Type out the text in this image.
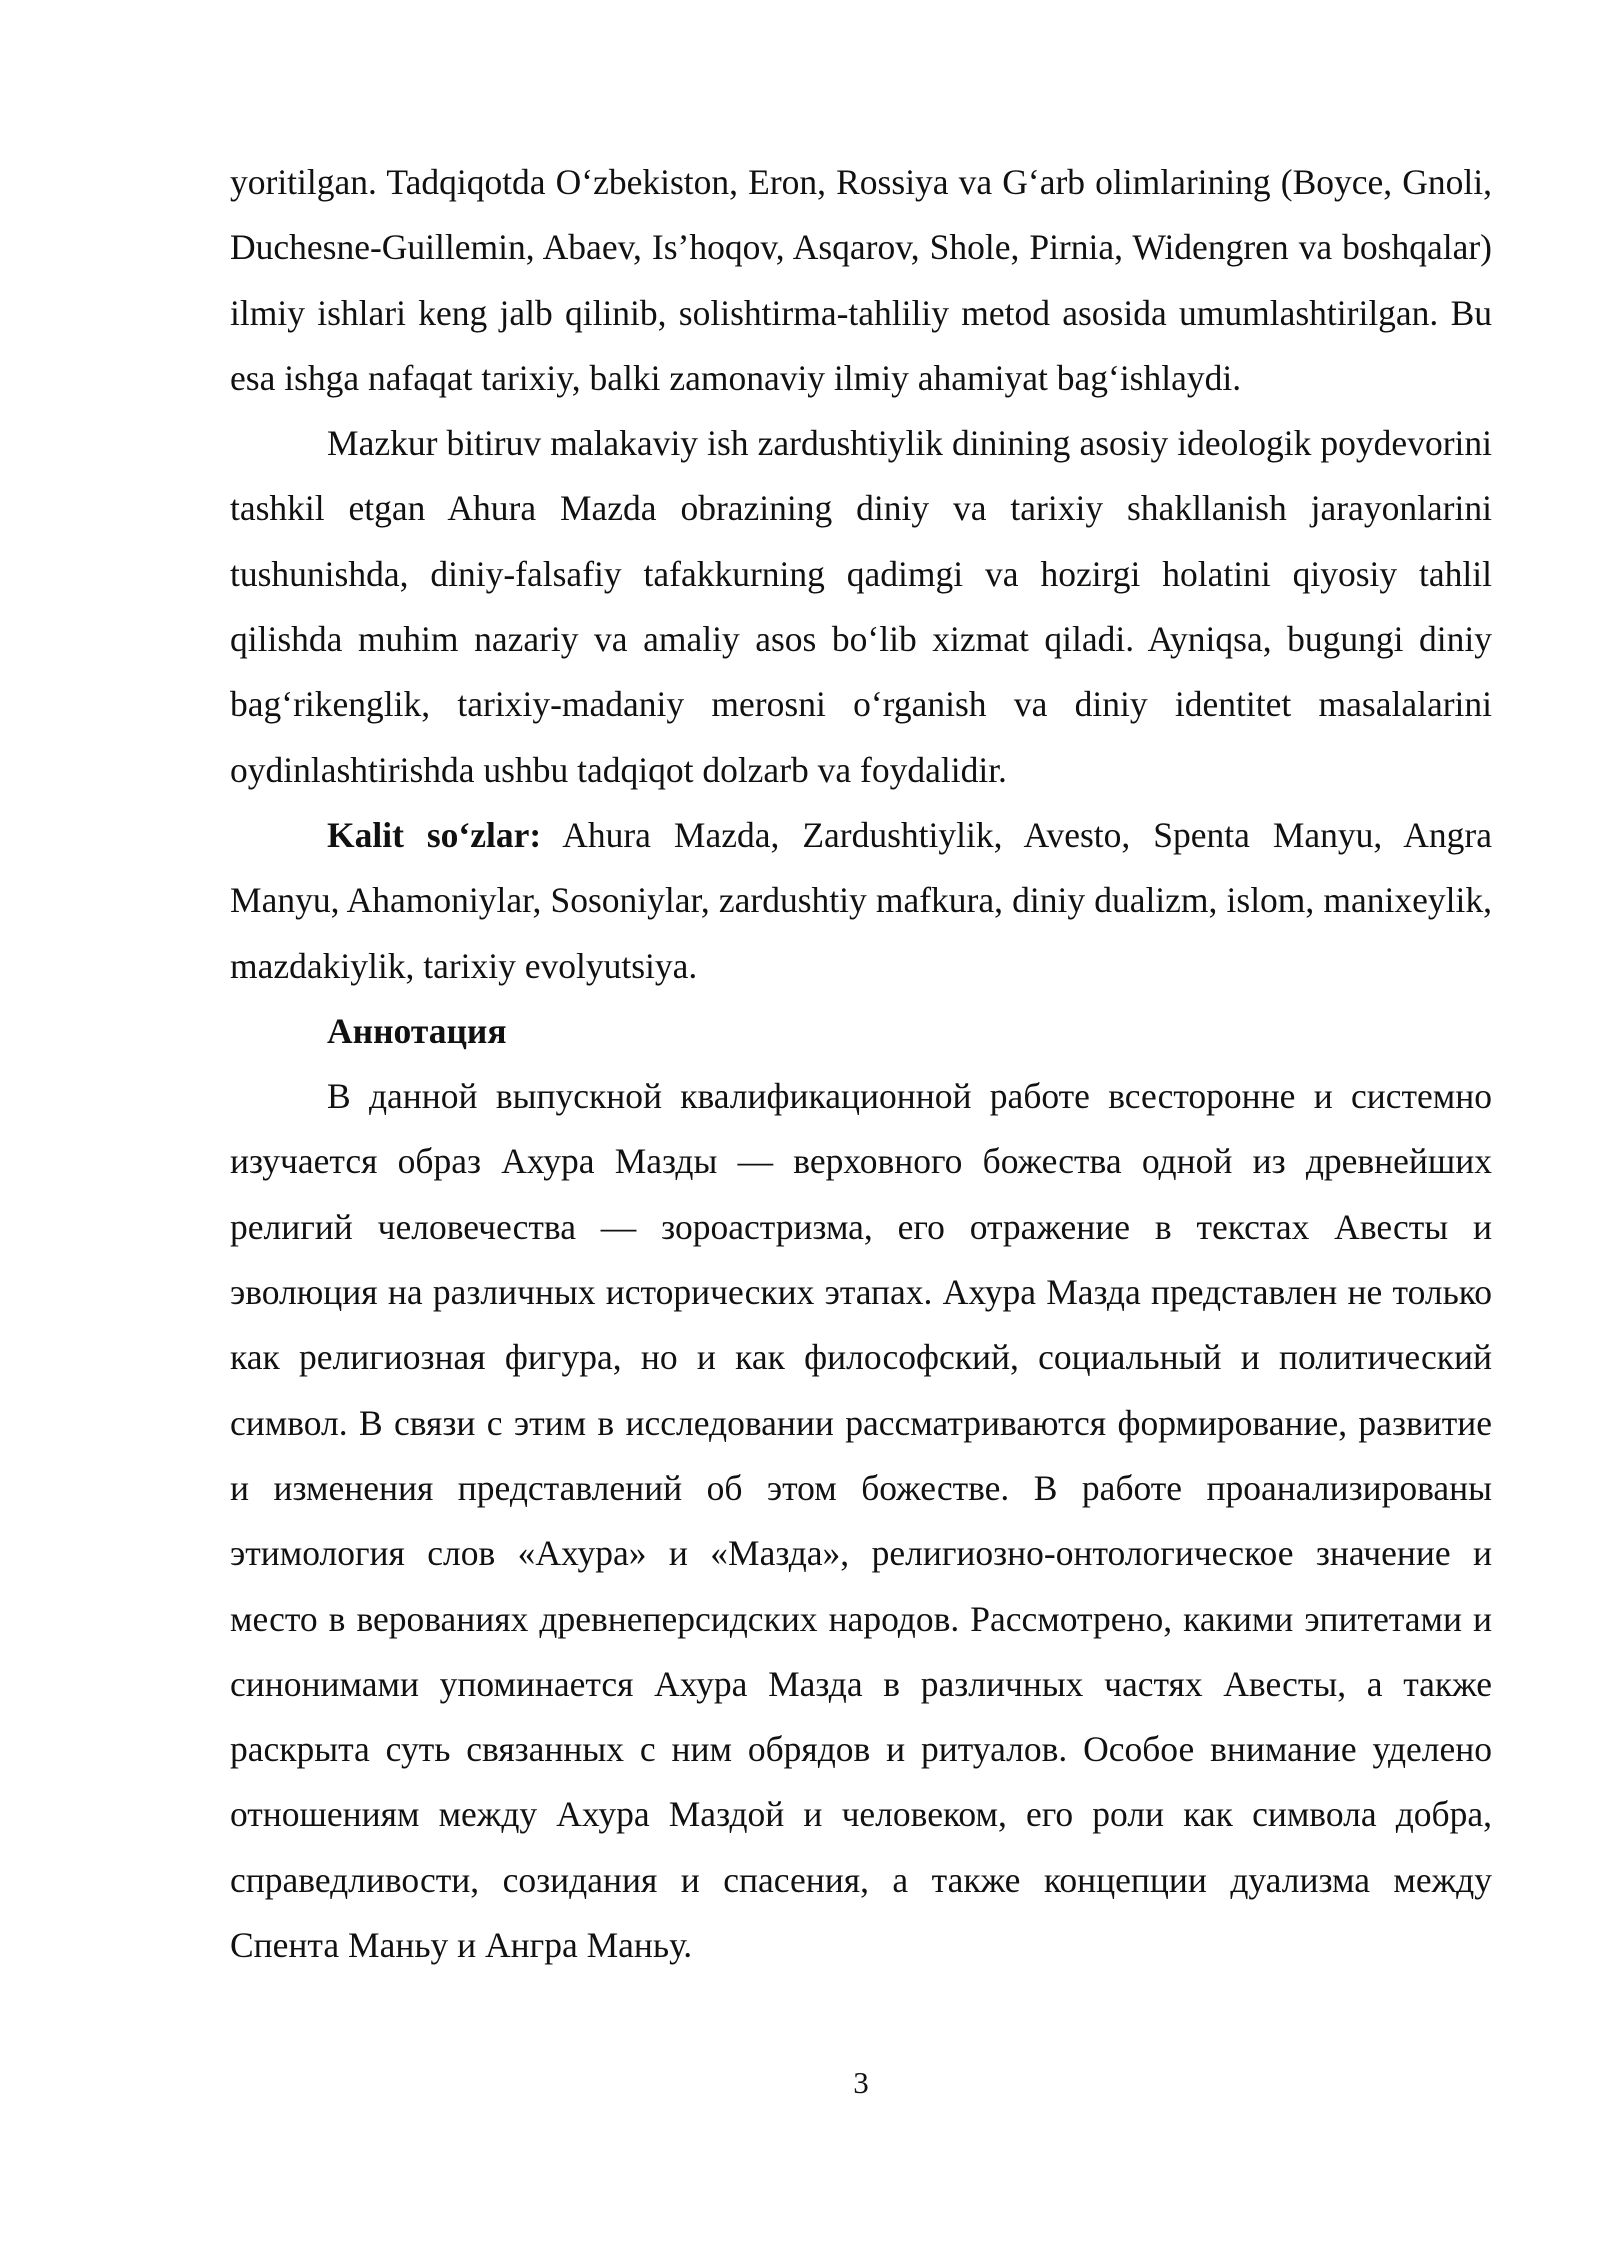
yoritilgan. Tadqiqotda O‘zbekiston, Eron, Rossiya va G‘arb olimlarining (Boyce, Gnoli, Duchesne-Guillemin, Abaev, Is’hoqov, Asqarov, Shole, Pirnia, Widengren va boshqalar) ilmiy ishlari keng jalb qilinib, solishtirma-tahliliy metod asosida umumlashtirilgan. Bu esa ishga nafaqat tarixiy, balki zamonaviy ilmiy ahamiyat bag‘ishlaydi.

Mazkur bitiruv malakaviy ish zardushtiylik dinining asosiy ideologik poydevorini tashkil etgan Ahura Mazda obrazining diniy va tarixiy shakllanish jarayonlarini tushunishda, diniy-falsafiy tafakkurning qadimgi va hozirgi holatini qiyosiy tahlil qilishda muhim nazariy va amaliy asos bo‘lib xizmat qiladi. Ayniqsa, bugungi diniy bag‘rikenglik, tarixiy-madaniy merosni o‘rganish va diniy identitet masalalarini oydinlashtirishda ushbu tadqiqot dolzarb va foydalidir.

Kalit so‘zlar: Ahura Mazda, Zardushtiylik, Avesto, Spenta Manyu, Angra Manyu, Ahamoniylar, Sosoniylar, zardushtiy mafkura, diniy dualizm, islom, manixeylik, mazdakiylik, tarixiy evolyutsiya.

Аннотация

В данной выпускной квалификационной работе всесторонне и системно изучается образ Ахура Мазды — верховного божества одной из древнейших религий человечества — зороастризма, его отражение в текстах Авесты и эволюция на различных исторических этапах. Ахура Мазда представлен не только как религиозная фигура, но и как философский, социальный и политический символ. В связи с этим в исследовании рассматриваются формирование, развитие и изменения представлений об этом божестве. В работе проанализированы этимология слов «Ахура» и «Мазда», религиозно-онтологическое значение и место в верованиях древнеперсидских народов. Рассмотрено, какими эпитетами и синонимами упоминается Ахура Мазда в различных частях Авесты, а также раскрыта суть связанных с ним обрядов и ритуалов. Особое внимание уделено отношениям между Ахура Маздой и человеком, его роли как символа добра, справедливости, созидания и спасения, а также концепции дуализма между Спента Маньу и Ангра Маньу.

3
